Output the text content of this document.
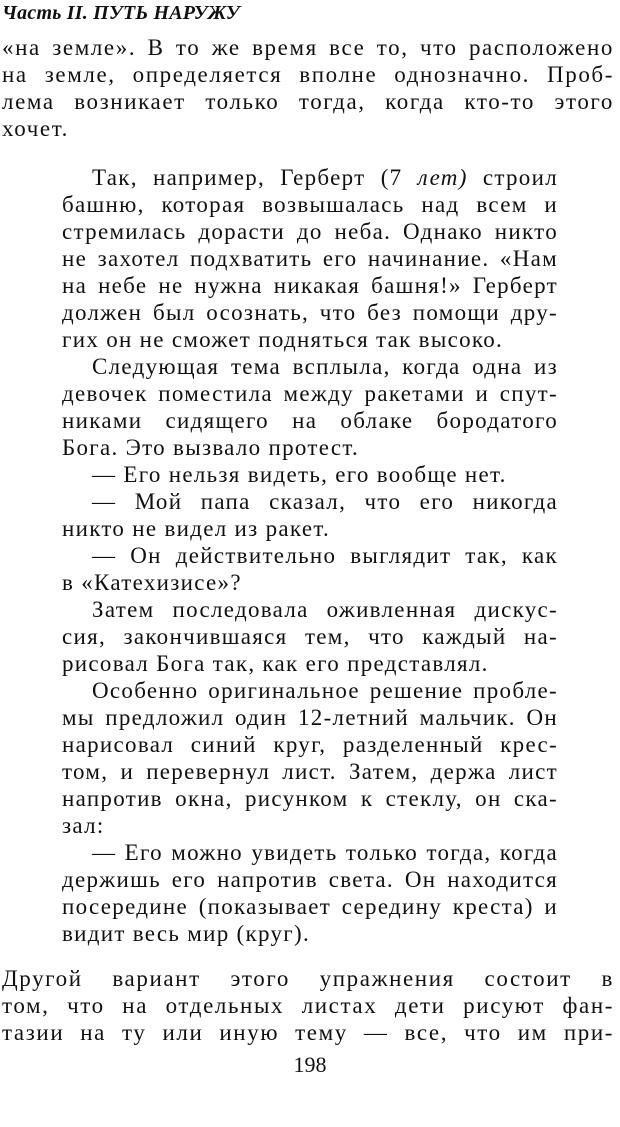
Часть II. ПУТЬ НАРУЖУ
«на земле». В то же время все то, что расположено
на земле, определяется вполне однозначно. Проб-
лема возникает только тогда, когда кто-то этого
хочет.
Так, например, Герберт (7 лет) строил
башню, которая возвышалась над всем и
стремилась дорасти до неба. Однако никто
не захотел подхватить его начинание. «Нам
на небе не нужна никакая башня!» Герберт
должен был осознать, что без помощи дру-
гих он не сможет подняться так высоко.
Следующая тема всплыла, когда одна из
девочек поместила между ракетами и спут-
никами сидящего на облаке бородатого
Бога. Это вызвало протест.
— Его нельзя видеть, его вообще нет.
— Мой папа сказал, что его никогда
никто не видел из ракет.
— Он действительно выглядит так, как
в «Катехизисе»?
Затем последовала оживленная дискус-
сия, закончившаяся тем, что каждый на-
рисовал Бога так, как его представлял.
Особенно оригинальное решение пробле-
мы предложил один 12-летний мальчик. Он
нарисовал синий круг, разделенный крес-
том, и перевернул лист. Затем, держа лист
напротив окна, рисунком к стеклу, он ска-
зал:
— Его можно увидеть только тогда, когда
держишь его напротив света. Он находится
посередине (показывает середину креста) и
видит весь мир (круг).
198
Другой вариант этого упражнения состоит в
том, что на отдельных листах дети рисуют фан-
тазии на ту или иную тему — все, что им при-
